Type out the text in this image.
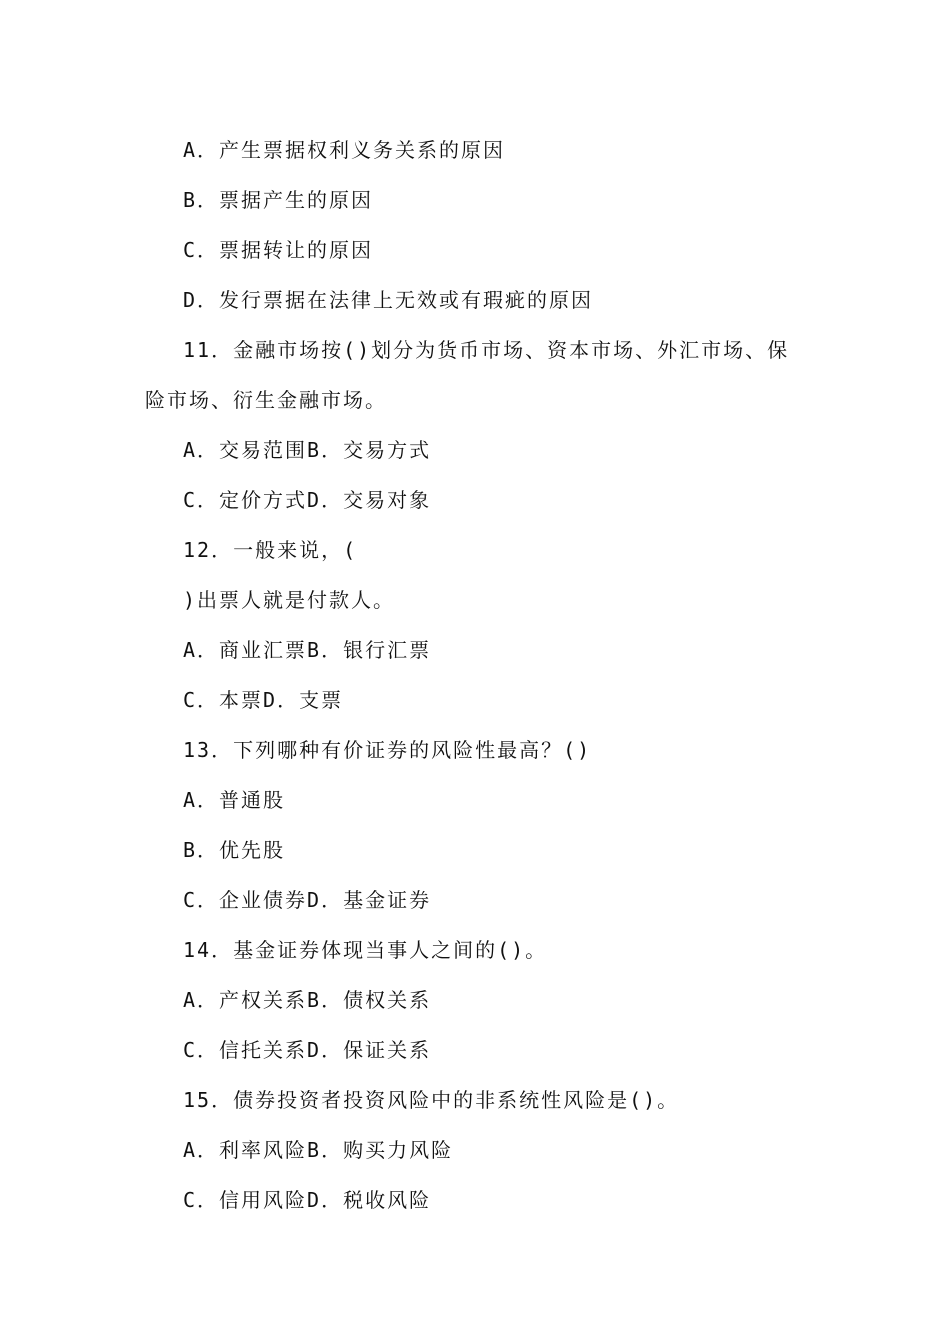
A．产生票据权利义务关系的原因
B．票据产生的原因
C．票据转让的原因
D．发行票据在法律上无效或有瑕疵的原因
11．金融市场按()划分为货币市场、资本市场、外汇市场、保
险市场、衍生金融市场。
A．交易范围B．交易方式
C．定价方式D．交易对象
12．一般来说，(
)出票人就是付款人。
A．商业汇票B．银行汇票
C．本票D．支票
13．下列哪种有价证券的风险性最高？()
A．普通股
B．优先股
C．企业债券D．基金证券
14．基金证券体现当事人之间的()。
A．产权关系B．债权关系
C．信托关系D．保证关系
15．债券投资者投资风险中的非系统性风险是()。
A．利率风险B．购买力风险
C．信用风险D．税收风险
